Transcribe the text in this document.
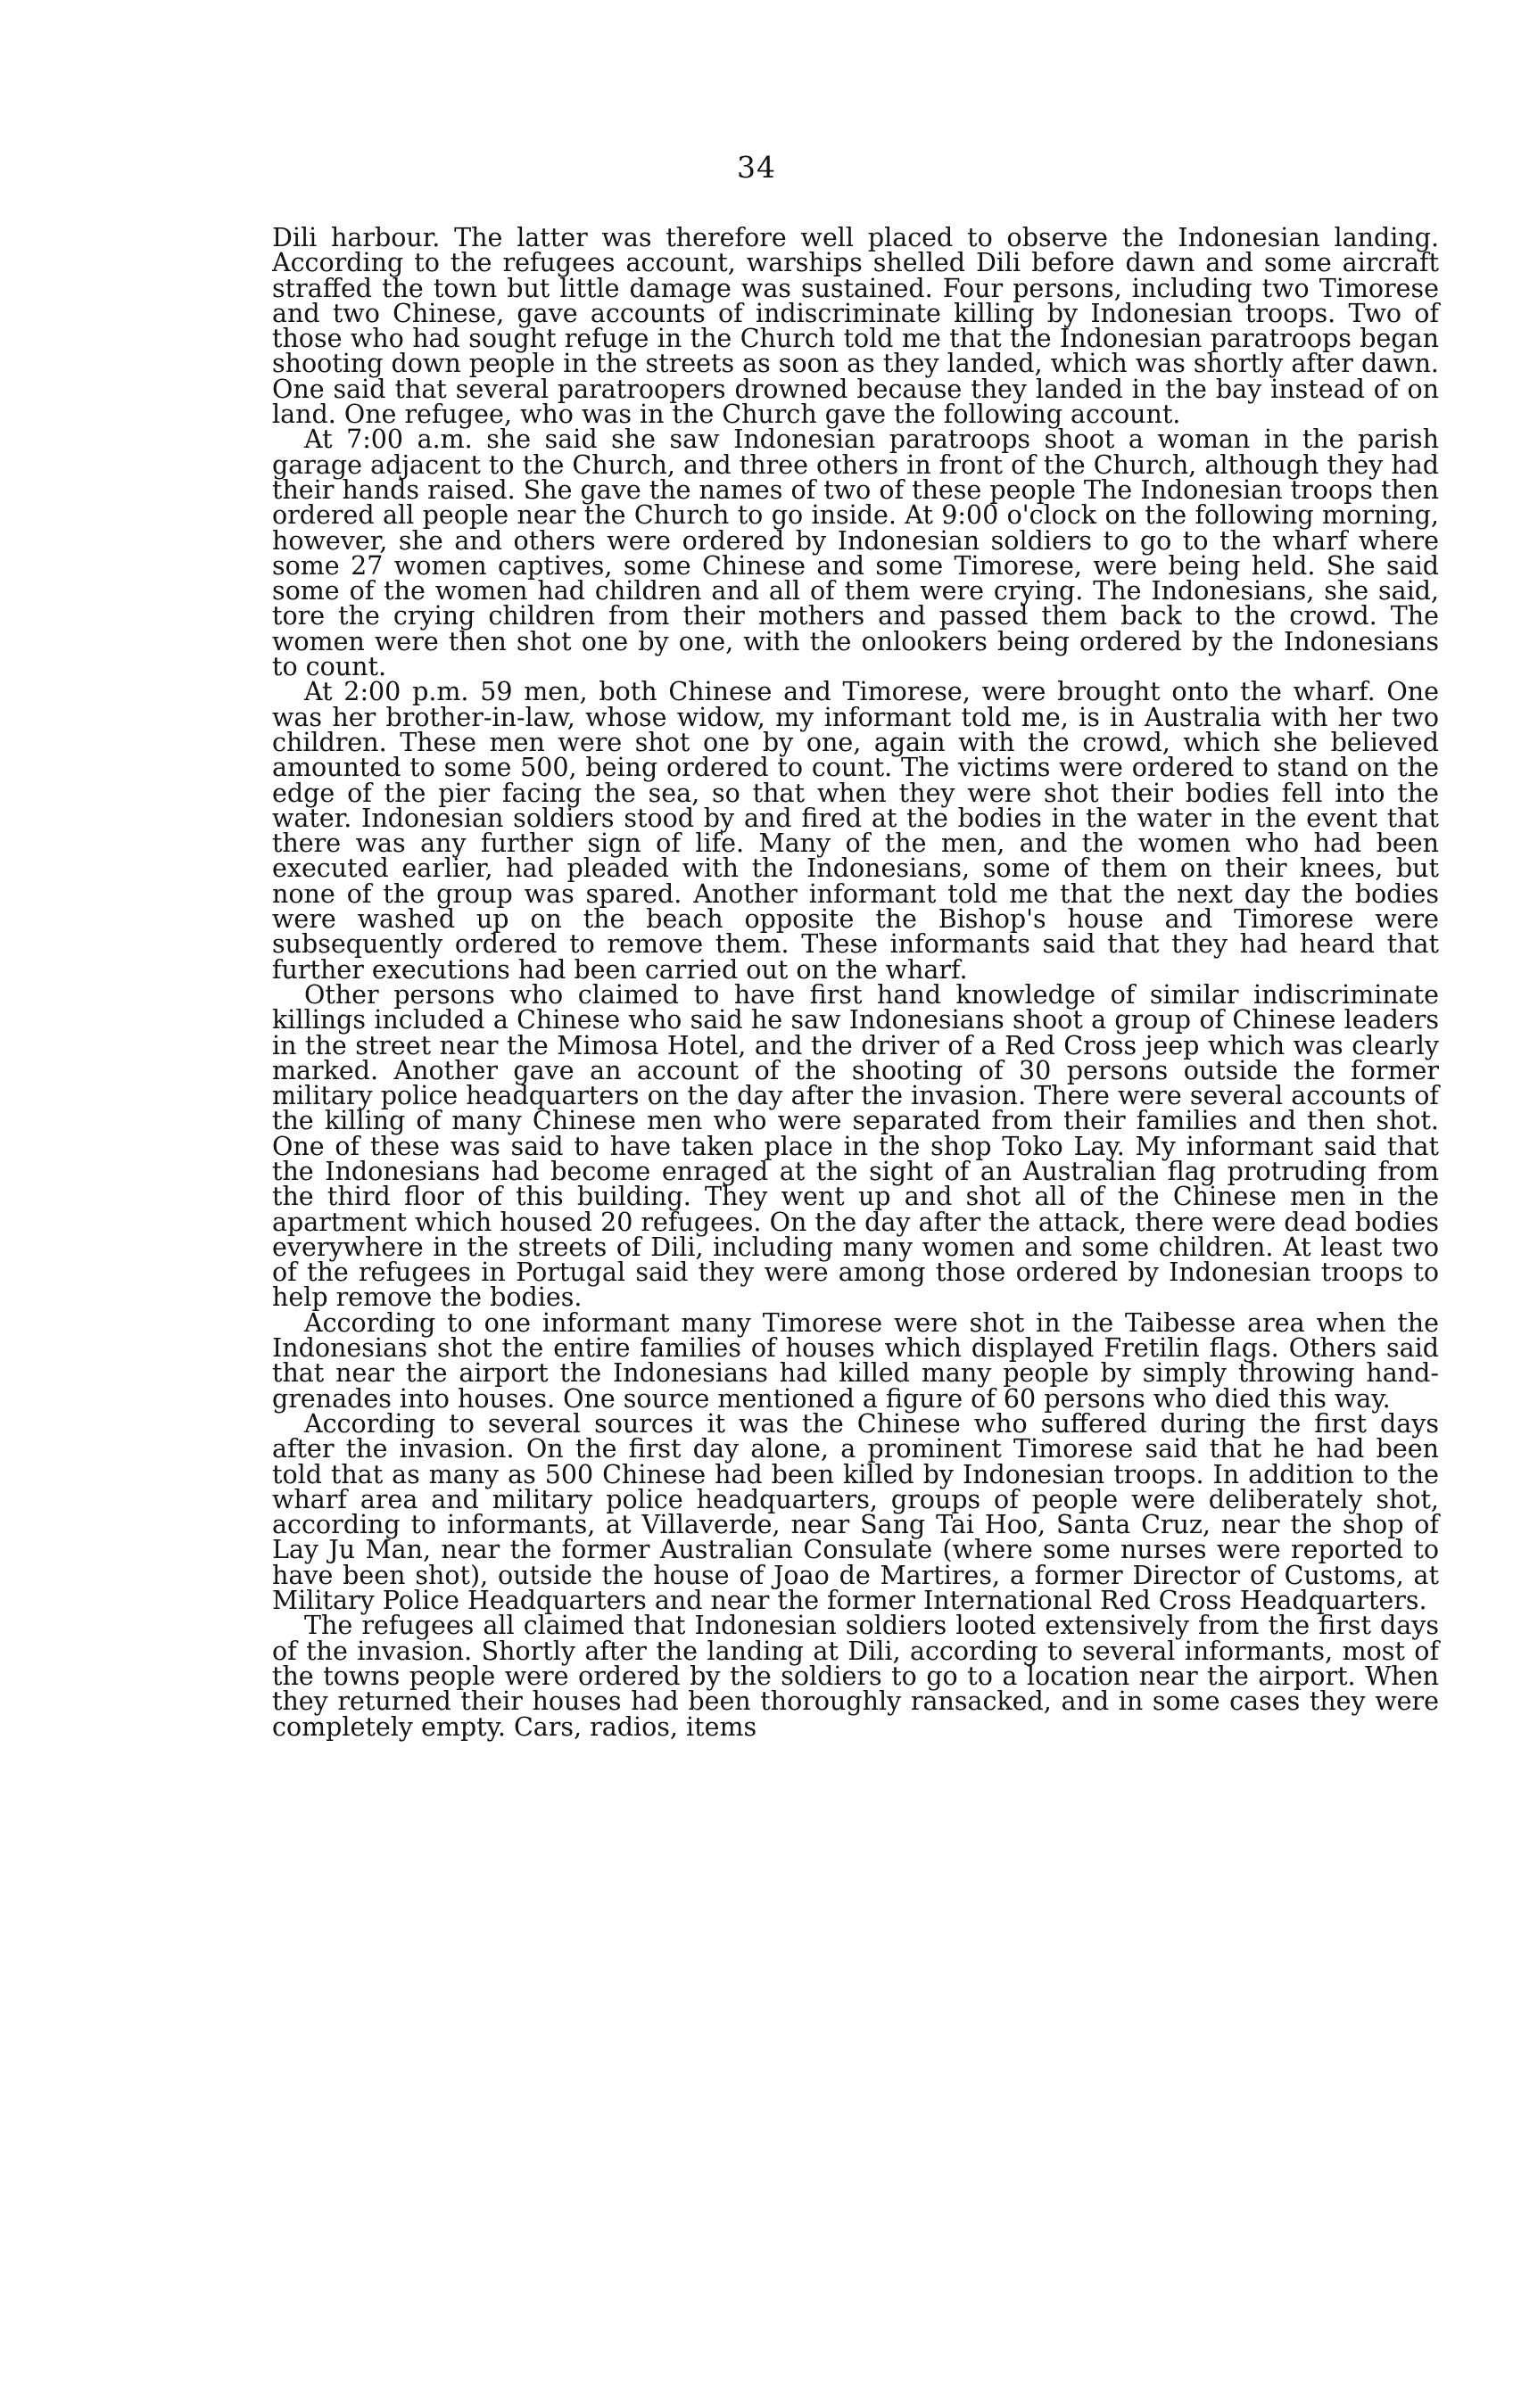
34

Dili harbour. The latter was therefore well placed to observe the Indonesian landing. According to the refugees account, warships shelled Dili before dawn and some aircraft straffed the town but little damage was sustained. Four persons, including two Timorese and two Chinese, gave accounts of indiscriminate killing by Indonesian troops. Two of those who had sought refuge in the Church told me that the Indonesian paratroops began shooting down people in the streets as soon as they landed, which was shortly after dawn. One said that several paratroopers drowned because they landed in the bay instead of on land. One refugee, who was in the Church gave the following account.

At 7:00 a.m. she said she saw Indonesian paratroops shoot a woman in the parish garage adjacent to the Church, and three others in front of the Church, although they had their hands raised. She gave the names of two of these people The Indonesian troops then ordered all people near the Church to go inside. At 9:00 o'clock on the following morning, however, she and others were ordered by Indonesian soldiers to go to the wharf where some 27 women captives, some Chinese and some Timorese, were being held. She said some of the women had children and all of them were crying. The Indonesians, she said, tore the crying children from their mothers and passed them back to the crowd. The women were then shot one by one, with the onlookers being ordered by the Indonesians to count.

At 2:00 p.m. 59 men, both Chinese and Timorese, were brought onto the wharf. One was her brother-in-law, whose widow, my informant told me, is in Australia with her two children. These men were shot one by one, again with the crowd, which she believed amounted to some 500, being ordered to count. The victims were ordered to stand on the edge of the pier facing the sea, so that when they were shot their bodies fell into the water. Indonesian soldiers stood by and fired at the bodies in the water in the event that there was any further sign of life. Many of the men, and the women who had been executed earlier, had pleaded with the Indonesians, some of them on their knees, but none of the group was spared. Another informant told me that the next day the bodies were washed up on the beach opposite the Bishop's house and Timorese were subsequently ordered to remove them. These informants said that they had heard that further executions had been carried out on the wharf.

Other persons who claimed to have first hand knowledge of similar indiscriminate killings included a Chinese who said he saw Indonesians shoot a group of Chinese leaders in the street near the Mimosa Hotel, and the driver of a Red Cross jeep which was clearly marked. Another gave an account of the shooting of 30 persons outside the former military police headquarters on the day after the invasion. There were several accounts of the killing of many Chinese men who were separated from their families and then shot. One of these was said to have taken place in the shop Toko Lay. My informant said that the Indonesians had become enraged at the sight of an Australian flag protruding from the third floor of this building. They went up and shot all of the Chinese men in the apartment which housed 20 refugees. On the day after the attack, there were dead bodies everywhere in the streets of Dili, including many women and some children. At least two of the refugees in Portugal said they were among those ordered by Indonesian troops to help remove the bodies.

According to one informant many Timorese were shot in the Taibesse area when the Indonesians shot the entire families of houses which displayed Fretilin flags. Others said that near the airport the Indonesians had killed many people by simply throwing hand-grenades into houses. One source mentioned a figure of 60 persons who died this way.

According to several sources it was the Chinese who suffered during the first days after the invasion. On the first day alone, a prominent Timorese said that he had been told that as many as 500 Chinese had been killed by Indonesian troops. In addition to the wharf area and military police headquarters, groups of people were deliberately shot, according to informants, at Villaverde, near Sang Tai Hoo, Santa Cruz, near the shop of Lay Ju Man, near the former Australian Consulate (where some nurses were reported to have been shot), outside the house of Joao de Martires, a former Director of Customs, at Military Police Headquarters and near the former International Red Cross Headquarters.

The refugees all claimed that Indonesian soldiers looted extensively from the first days of the invasion. Shortly after the landing at Dili, according to several informants, most of the towns people were ordered by the soldiers to go to a location near the airport. When they returned their houses had been thoroughly ransacked, and in some cases they were completely empty. Cars, radios, items
